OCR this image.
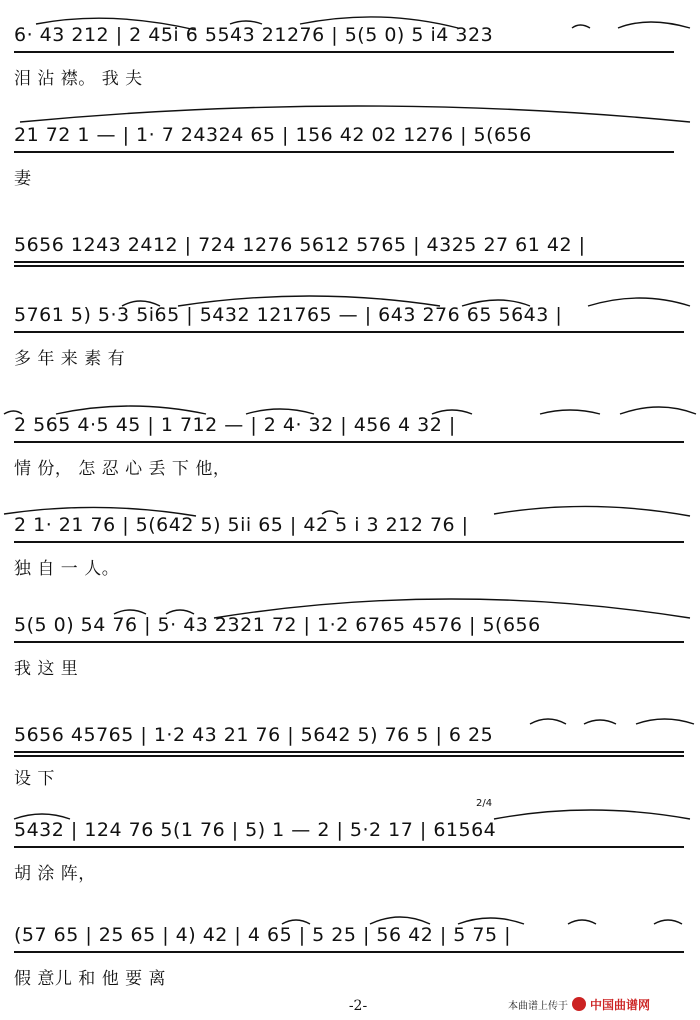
6· 43 212 | 2 45i 6 5543 21276 | 5(5 0) 5 i4 323
泪 沾 襟。 我 夫
21 72 1 — | 1· 7 24324 65 | 156 42 02 1276 | 5(656
妻
5656 1243 2412 | 724 1276 5612 5765 | 4325 27 61 42 |
5761 5) 5·3 5i65 | 5432 121765 — | 643 276 65 5643 |
多 年 来 素 有
2 565 4·5 45 | 1 712 — | 2 4· 32 | 456 4 32 |
情 份， 怎 忍 心 丢 下 他，
2 1· 21 76 | 5(642 5) 5ii 65 | 42 5 i 3 212 76 |
独 自 一 人。
5(5 0) 54 76 | 5· 43 2321 72 | 1·2 6765 4576 | 5(656
我 这 里
5656 45765 | 1·2 43 21 76 | 5642 5) 76 5 | 6 25
设 下
5432 | 124 76 5(1 76 | 5) 1 — 2 | 5·2 17 | 61564
胡 涂 阵，
2/4
(57 65 | 25 65 | 4) 42 | 4 65 | 5 25 | 56 42 | 5 75 |
假 意儿 和 他 要 离
-2-	本曲谱上传于 中国曲谱网
